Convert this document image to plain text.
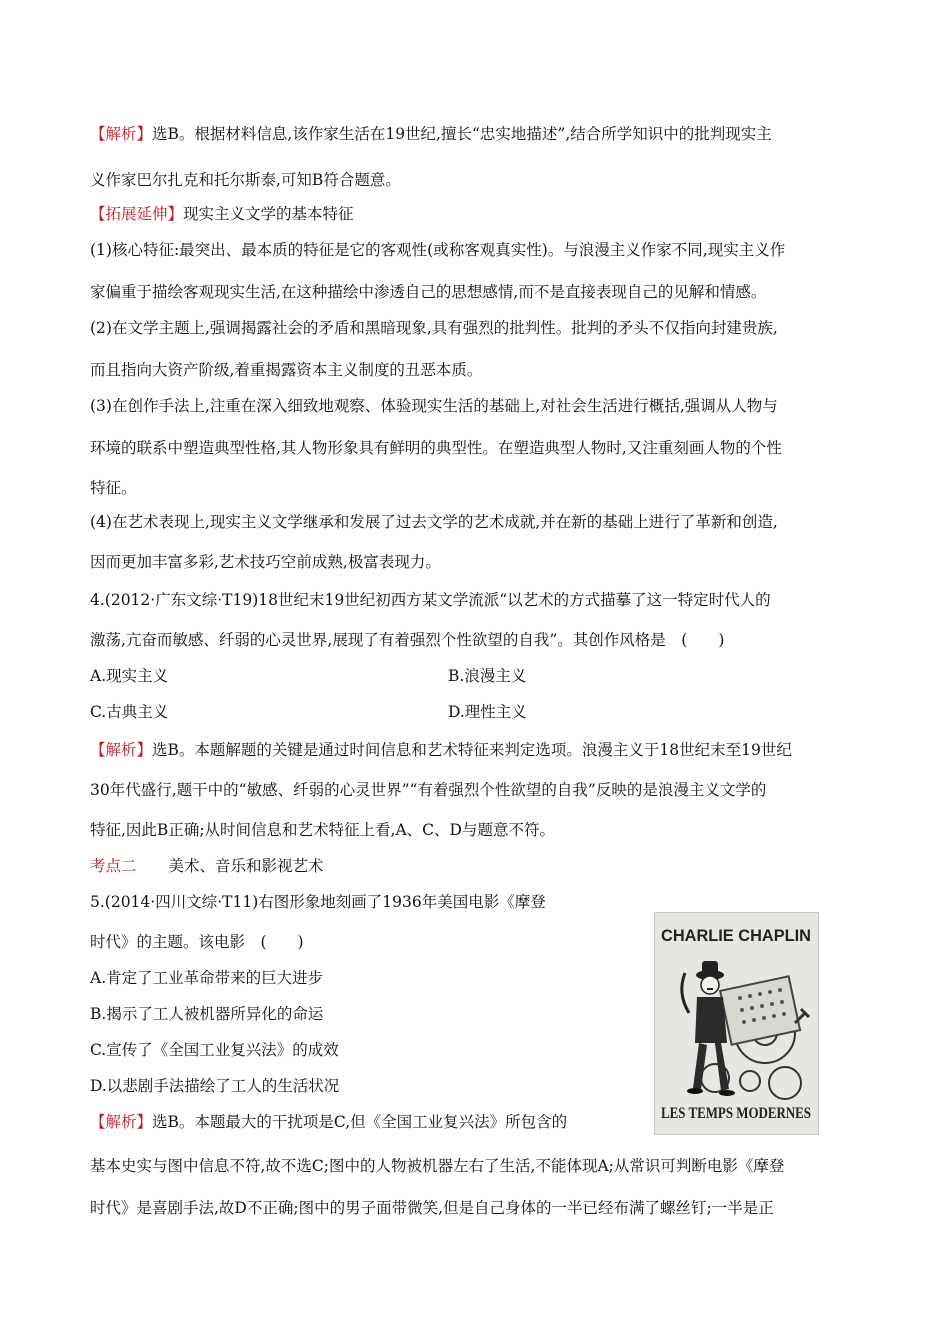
【解析】选B。根据材料信息,该作家生活在19世纪,擅长“忠实地描述”,结合所学知识中的批判现实主
义作家巴尔扎克和托尔斯泰,可知B符合题意。
【拓展延伸】现实主义文学的基本特征
(1)核心特征:最突出、最本质的特征是它的客观性(或称客观真实性)。与浪漫主义作家不同,现实主义作
家偏重于描绘客观现实生活,在这种描绘中渗透自己的思想感情,而不是直接表现自己的见解和情感。
(2)在文学主题上,强调揭露社会的矛盾和黑暗现象,具有强烈的批判性。批判的矛头不仅指向封建贵族,
而且指向大资产阶级,着重揭露资本主义制度的丑恶本质。
(3)在创作手法上,注重在深入细致地观察、体验现实生活的基础上,对社会生活进行概括,强调从人物与
环境的联系中塑造典型性格,其人物形象具有鲜明的典型性。在塑造典型人物时,又注重刻画人物的个性
特征。
(4)在艺术表现上,现实主义文学继承和发展了过去文学的艺术成就,并在新的基础上进行了革新和创造,
因而更加丰富多彩,艺术技巧空前成熟,极富表现力。
4.(2012·广东文综·T19)18世纪末19世纪初西方某文学流派“以艺术的方式描摹了这一特定时代人的
激荡,亢奋而敏感、纤弱的心灵世界,展现了有着强烈个性欲望的自我”。其创作风格是　(　　)
A.现实主义	B.浪漫主义
C.古典主义	D.理性主义
【解析】选B。本题解题的关键是通过时间信息和艺术特征来判定选项。浪漫主义于18世纪末至19世纪
30年代盛行,题干中的“敏感、纤弱的心灵世界”“有着强烈个性欲望的自我”反映的是浪漫主义文学的
特征,因此B正确;从时间信息和艺术特征上看,A、C、D与题意不符。
考点二 美术、音乐和影视艺术
5.(2014·四川文综·T11)右图形象地刻画了1936年美国电影《摩登
时代》的主题。该电影　(　　)
A.肯定了工业革命带来的巨大进步
B.揭示了工人被机器所异化的命运
C.宣传了《全国工业复兴法》的成效
D.以悲剧手法描绘了工人的生活状况
【解析】选B。本题最大的干扰项是C,但《全国工业复兴法》所包含的
基本史实与图中信息不符,故不选C;图中的人物被机器左右了生活,不能体现A;从常识可判断电影《摩登
时代》是喜剧手法,故D不正确;图中的男子面带微笑,但是自己身体的一半已经布满了螺丝钉;一半是正
CHARLIE CHAPLIN
LES TEMPS MODERNES
